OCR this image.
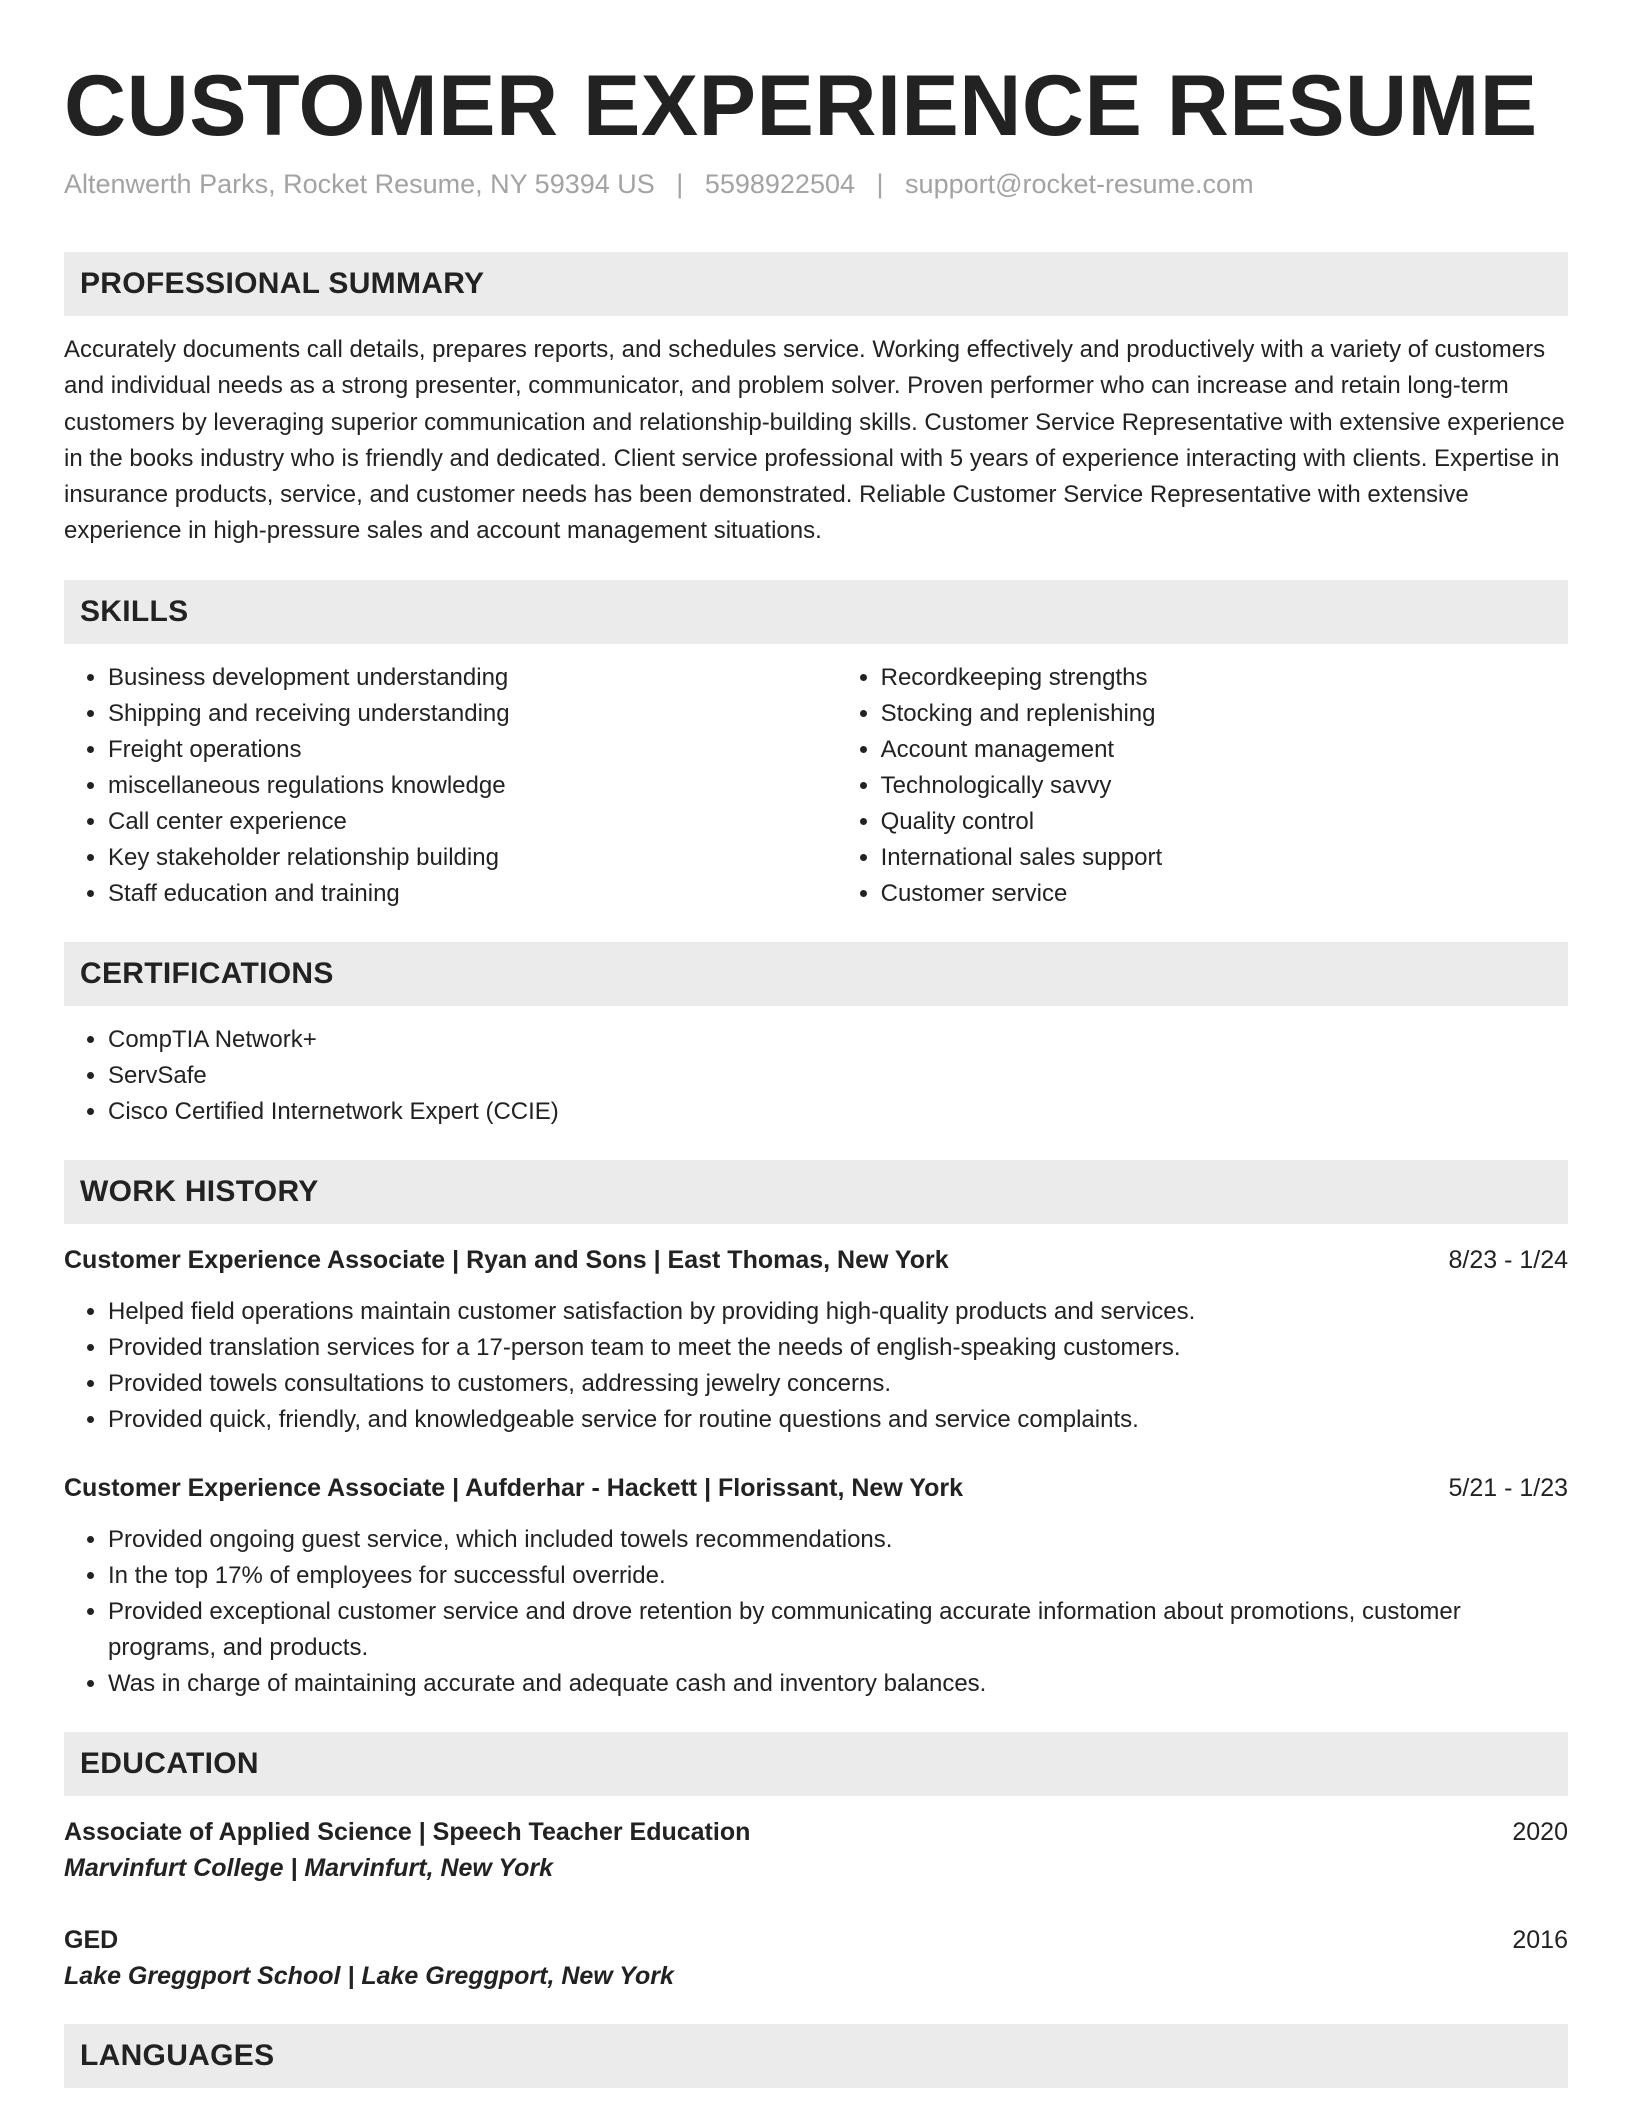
CUSTOMER EXPERIENCE RESUME
Altenwerth Parks, Rocket Resume, NY 59394 US | 5598922504 | support@rocket-resume.com
PROFESSIONAL SUMMARY
Accurately documents call details, prepares reports, and schedules service. Working effectively and productively with a variety of customers and individual needs as a strong presenter, communicator, and problem solver. Proven performer who can increase and retain long-term customers by leveraging superior communication and relationship-building skills. Customer Service Representative with extensive experience in the books industry who is friendly and dedicated. Client service professional with 5 years of experience interacting with clients. Expertise in insurance products, service, and customer needs has been demonstrated. Reliable Customer Service Representative with extensive experience in high-pressure sales and account management situations.
SKILLS
• Business development understanding
• Shipping and receiving understanding
• Freight operations
• miscellaneous regulations knowledge
• Call center experience
• Key stakeholder relationship building
• Staff education and training
• Recordkeeping strengths
• Stocking and replenishing
• Account management
• Technologically savvy
• Quality control
• International sales support
• Customer service
CERTIFICATIONS
• CompTIA Network+
• ServSafe
• Cisco Certified Internetwork Expert (CCIE)
WORK HISTORY
Customer Experience Associate | Ryan and Sons | East Thomas, New York	8/23 - 1/24
• Helped field operations maintain customer satisfaction by providing high-quality products and services.
• Provided translation services for a 17-person team to meet the needs of english-speaking customers.
• Provided towels consultations to customers, addressing jewelry concerns.
• Provided quick, friendly, and knowledgeable service for routine questions and service complaints.
Customer Experience Associate | Aufderhar - Hackett | Florissant, New York	5/21 - 1/23
• Provided ongoing guest service, which included towels recommendations.
• In the top 17% of employees for successful override.
• Provided exceptional customer service and drove retention by communicating accurate information about promotions, customer programs, and products.
• Was in charge of maintaining accurate and adequate cash and inventory balances.
EDUCATION
Associate of Applied Science | Speech Teacher Education	2020
Marvinfurt College | Marvinfurt, New York
GED	2016
Lake Greggport School | Lake Greggport, New York
LANGUAGES
